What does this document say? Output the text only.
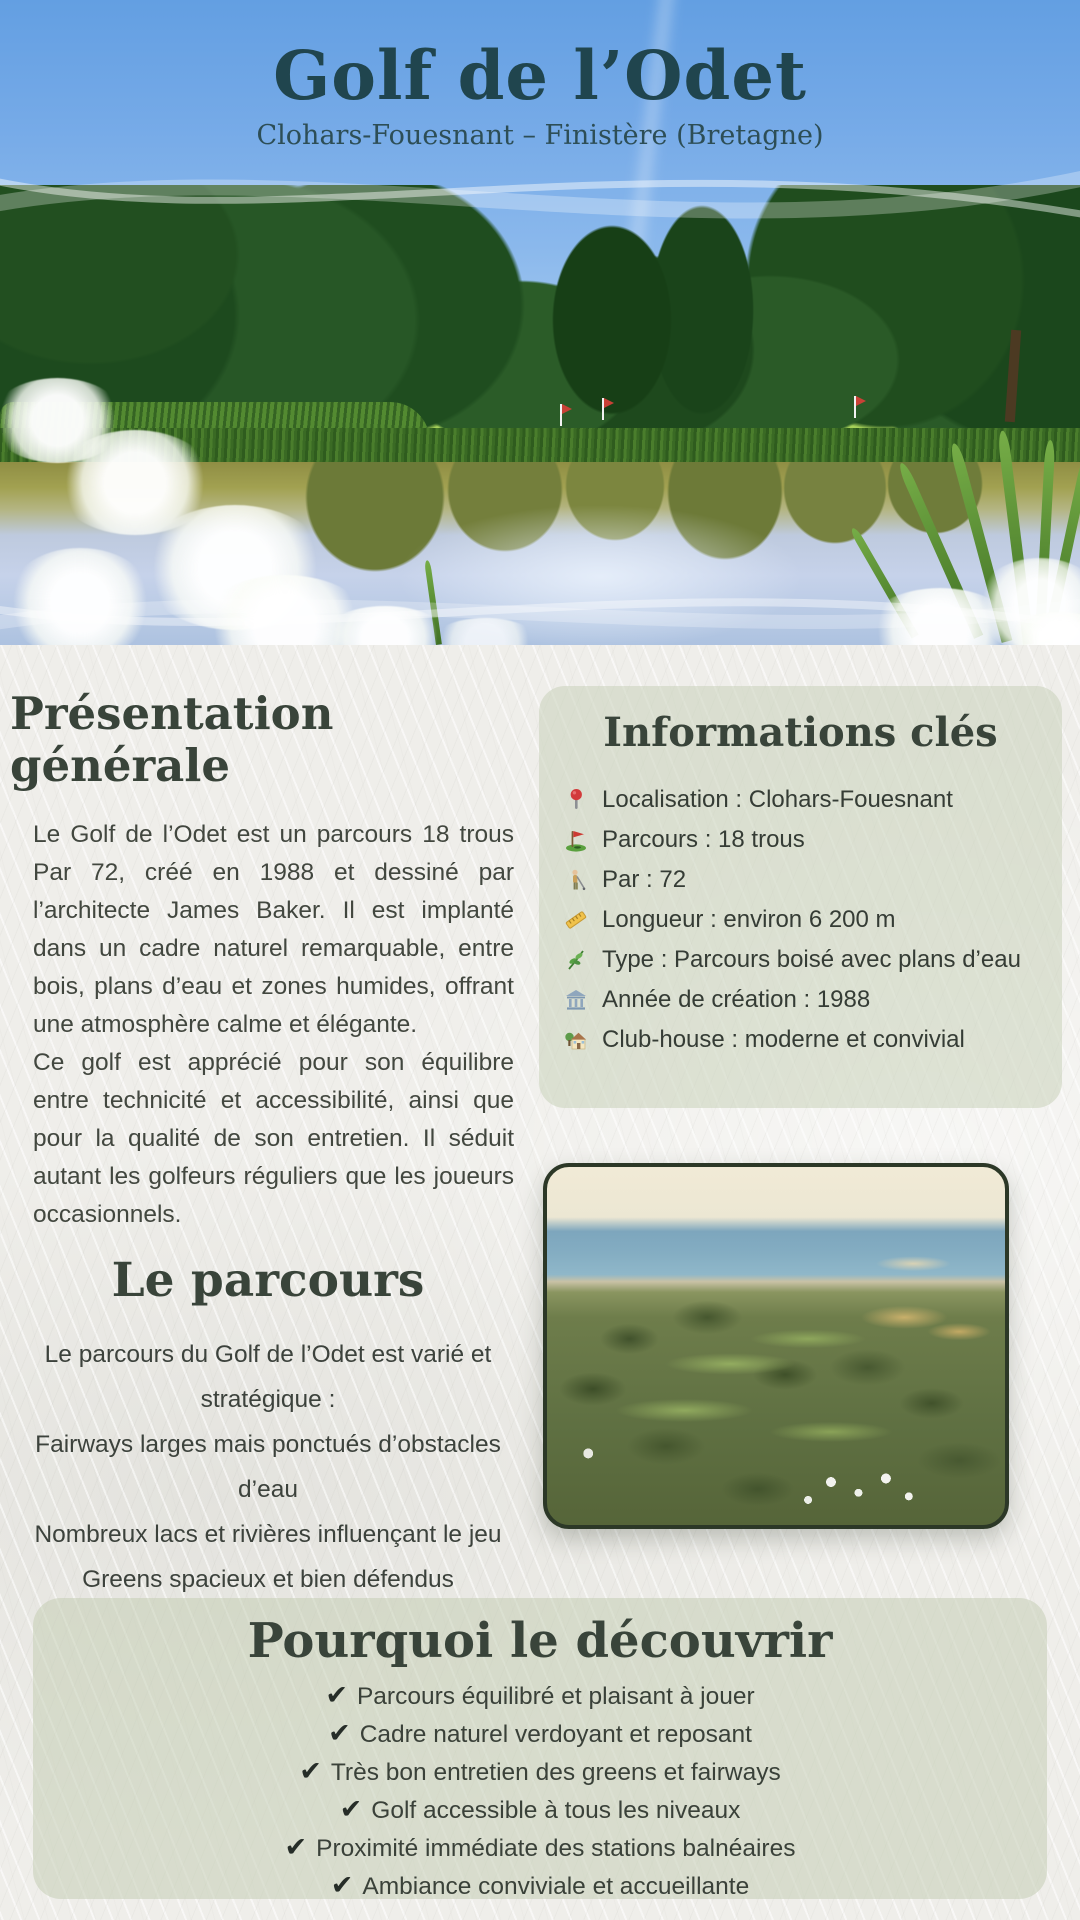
Golf de l’Odet
Clohars-Fouesnant – Finistère (Bretagne)
Présentation générale

Le Golf de l’Odet est un parcours 18 trous Par 72, créé en 1988 et dessiné par l’architecte James Baker. Il est implanté dans un cadre naturel remarquable, entre bois, plans d’eau et zones humides, offrant une atmosphère calme et élégante.

Ce golf est apprécié pour son équilibre entre technicité et accessibilité, ainsi que pour la qualité de son entretien. Il séduit autant les golfeurs réguliers que les joueurs occasionnels.

Informations clés
Localisation : Clohars-Fouesnant
Parcours : 18 trous
Par : 72
Longueur : environ 6 200 m
Type : Parcours boisé avec plans d’eau
Année de création : 1988
Club-house : moderne et convivial
Le parcours
Le parcours du Golf de l’Odet est varié et stratégique :
Fairways larges mais ponctués d’obstacles d’eau
Nombreux lacs et rivières influençant le jeu
Greens spacieux et bien défendus
Pourquoi le découvrir
✔ Parcours équilibré et plaisant à jouer
✔ Cadre naturel verdoyant et reposant
✔ Très bon entretien des greens et fairways
✔ Golf accessible à tous les niveaux
✔ Proximité immédiate des stations balnéaires
✔ Ambiance conviviale et accueillante
